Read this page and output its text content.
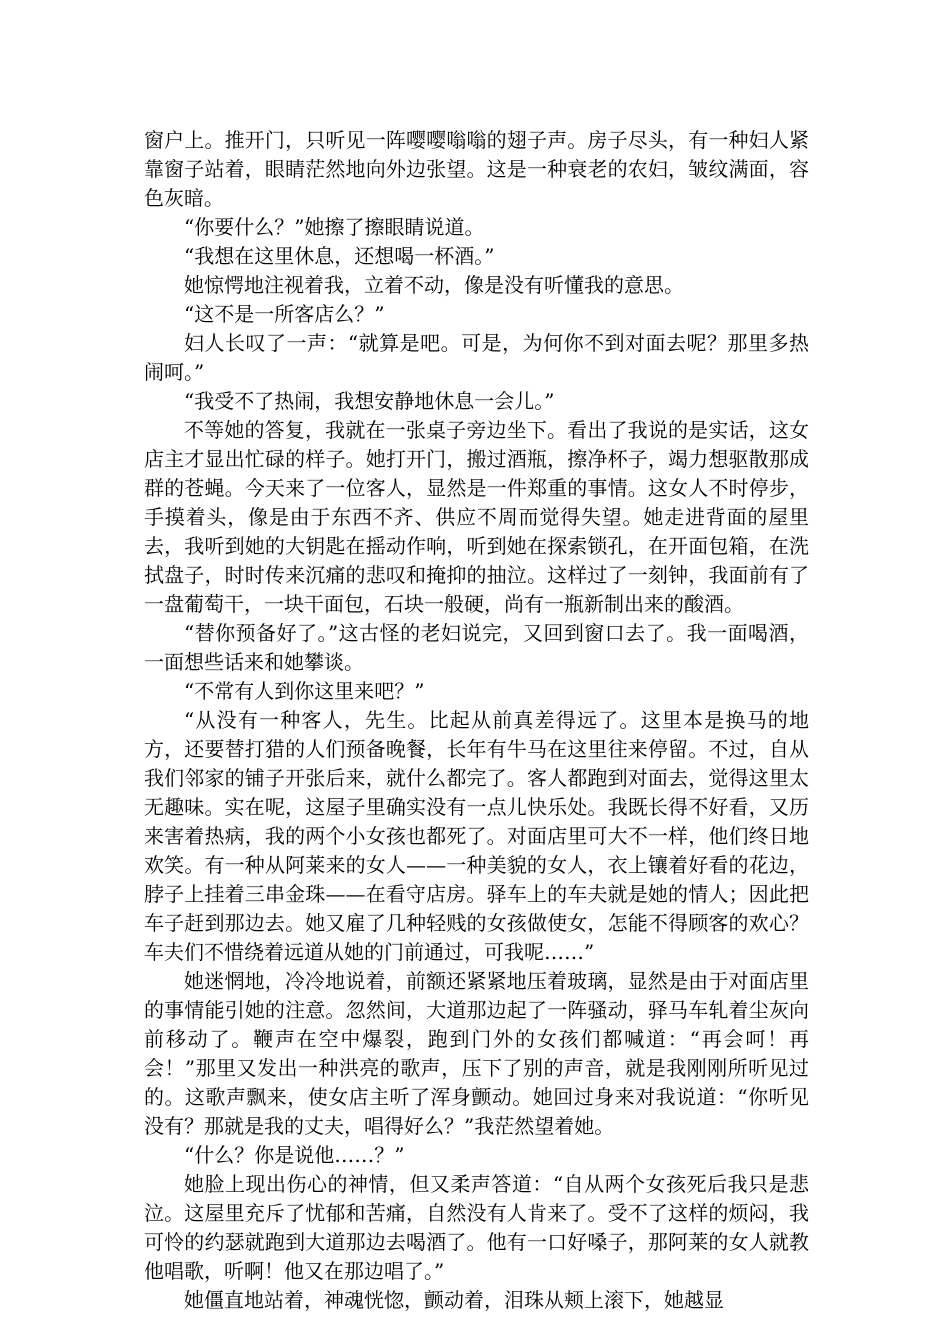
窗户上。推开门，只听见一阵嘤嘤嗡嗡的翅子声。房子尽头，有一种妇人紧靠窗子站着，眼睛茫然地向外边张望。这是一种衰老的农妇，皱纹满面，容色灰暗。

“你要什么？”她擦了擦眼睛说道。

“我想在这里休息，还想喝一杯酒。”

她惊愕地注视着我，立着不动，像是没有听懂我的意思。

“这不是一所客店么？”

妇人长叹了一声：“就算是吧。可是，为何你不到对面去呢？那里多热闹呵。”

“我受不了热闹，我想安静地休息一会儿。”

不等她的答复，我就在一张桌子旁边坐下。看出了我说的是实话，这女店主才显出忙碌的样子。她打开门，搬过酒瓶，擦净杯子，竭力想驱散那成群的苍蝇。今天来了一位客人，显然是一件郑重的事情。这女人不时停步，手摸着头，像是由于东西不齐、供应不周而觉得失望。她走进背面的屋里去，我听到她的大钥匙在摇动作响，听到她在探索锁孔，在开面包箱，在洗拭盘子，时时传来沉痛的悲叹和掩抑的抽泣。这样过了一刻钟，我面前有了一盘葡萄干，一块干面包，石块一般硬，尚有一瓶新制出来的酸酒。

“替你预备好了。”这古怪的老妇说完，又回到窗口去了。我一面喝酒，一面想些话来和她攀谈。

“不常有人到你这里来吧？”

“从没有一种客人，先生。比起从前真差得远了。这里本是换马的地方，还要替打猎的人们预备晚餐，长年有牛马在这里往来停留。不过，自从我们邻家的铺子开张后来，就什么都完了。客人都跑到对面去，觉得这里太无趣味。实在呢，这屋子里确实没有一点儿快乐处。我既长得不好看，又历来害着热病，我的两个小女孩也都死了。对面店里可大不一样，他们终日地欢笑。有一种从阿莱来的女人——一种美貌的女人，衣上镶着好看的花边，脖子上挂着三串金珠——在看守店房。驿车上的车夫就是她的情人；因此把车子赶到那边去。她又雇了几种轻贱的女孩做使女，怎能不得顾客的欢心？车夫们不惜绕着远道从她的门前通过，可我呢……”

她迷惘地，冷冷地说着，前额还紧紧地压着玻璃，显然是由于对面店里的事情能引她的注意。忽然间，大道那边起了一阵骚动，驿马车轧着尘灰向前移动了。鞭声在空中爆裂，跑到门外的女孩们都喊道：“再会呵！再会！”那里又发出一种洪亮的歌声，压下了别的声音，就是我刚刚所听见过的。这歌声飘来，使女店主听了浑身颤动。她回过身来对我说道：“你听见没有？那就是我的丈夫，唱得好么？”我茫然望着她。

“什么？你是说他……？”

她脸上现出伤心的神情，但又柔声答道：“自从两个女孩死后我只是悲泣。这屋里充斥了忧郁和苦痛，自然没有人肯来了。受不了这样的烦闷，我可怜的约瑟就跑到大道那边去喝酒了。他有一口好嗓子，那阿莱的女人就教他唱歌，听啊！他又在那边唱了。”

她僵直地站着，神魂恍惚，颤动着，泪珠从颊上滚下，她越显
